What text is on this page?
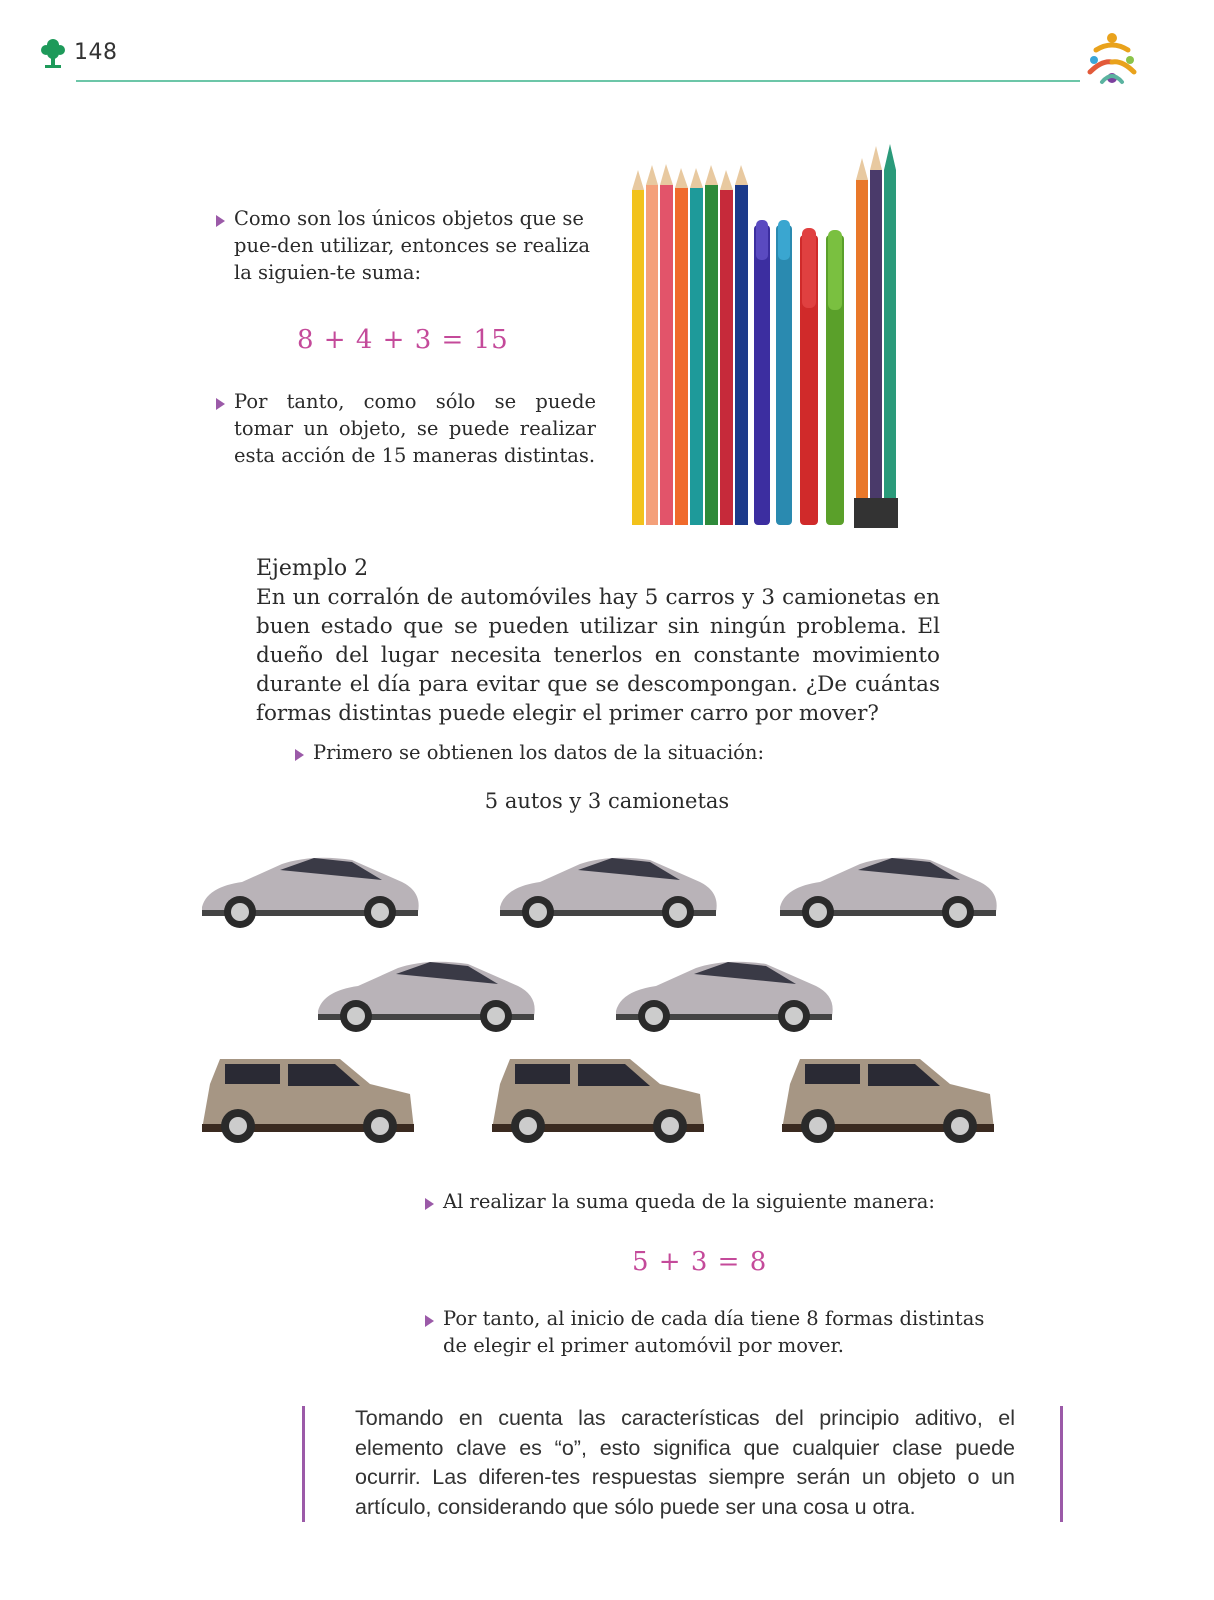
148
Como son los únicos objetos que se pue-den utilizar, entonces se realiza la siguien-te suma:
8 + 4 + 3 = 15
Por tanto, como sólo se puede tomar un objeto, se puede realizar esta acción de 15 maneras distintas.
Ejemplo 2
En un corralón de automóviles hay 5 carros y 3 camionetas en buen estado que se pueden utilizar sin ningún problema. El dueño del lugar necesita tenerlos en constante movimiento durante el día para evitar que se descompongan. ¿De cuántas formas distintas puede elegir el primer carro por mover?
Primero se obtienen los datos de la situación:
5 autos y 3 camionetas
Al realizar la suma queda de la siguiente manera:
5 + 3 = 8
Por tanto, al inicio de cada día tiene 8 formas distintas de elegir el primer automóvil por mover.
Tomando en cuenta las características del principio aditivo, el elemento clave es “o”, esto significa que cualquier clase puede ocurrir. Las diferen-tes respuestas siempre serán un objeto o un artículo, considerando que sólo puede ser una cosa u otra.
